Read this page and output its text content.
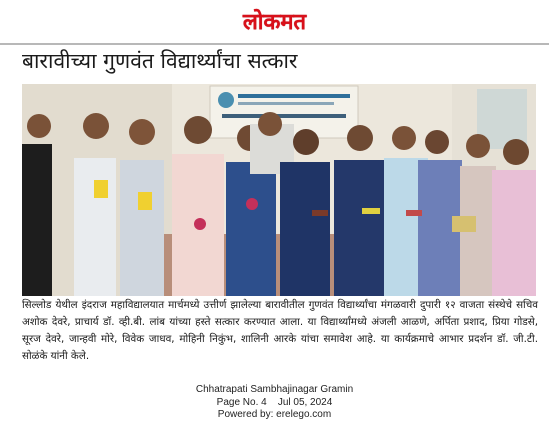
लोकमत
बारावीच्या गुणवंत विद्यार्थ्यांचा सत्कार
सिल्लोड येथील इंदराज महाविद्यालयात मार्चमध्ये उत्तीर्ण झालेल्या बारावीतील गुणवंत विद्यार्थ्यांचा मंगळवारी दुपारी १२ वाजता संस्थेचे सचिव अशोक देवरे, प्राचार्य डॉ. व्ही.बी. लांब यांच्या हस्ते सत्कार करण्यात आला. या विद्यार्थ्यांमध्ये अंजली आळणे, अर्पिता प्रशाद, प्रिया गोडसे, सूरज देवरे, जान्हवी मोरे, विवेक जाधव, मोहिनी निकुंभ, शालिनी आरके यांचा समावेश आहे. या कार्यक्रमाचे आभार प्रदर्शन डॉ. जी.टी. सोळंके यांनी केले.
Chhatrapati Sambhajinagar Gramin
Page No. 4    Jul 05, 2024
Powered by: erelego.com
